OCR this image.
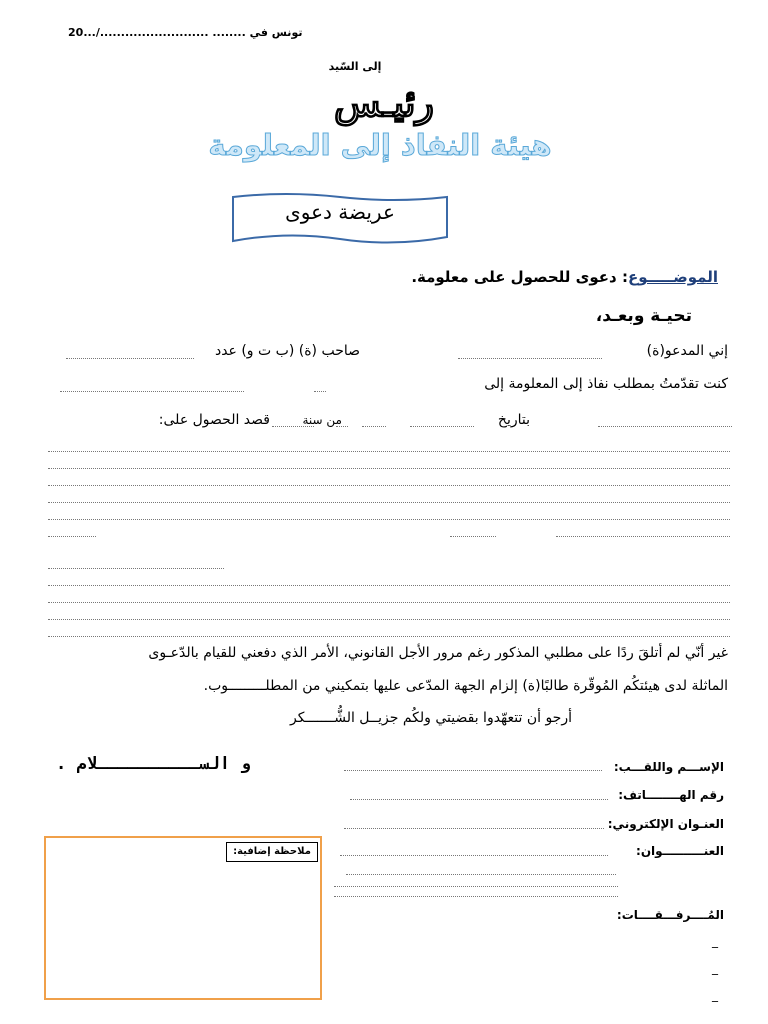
تونس في ........ ........................../...20
إلى السّيد
رئيـس
هيئة النفاذ إلى المعلومة
عريضة دعوى
الموضـــــوع: دعوى للحصول على معلومة.
تحيـة وبعـد،
إني المدعو(ة)
صاحب (ة) (ب ت و) عدد
كنت تقدّمتُ بمطلب نفاذ إلى المعلومة إلى
بتاريخ
من سنة
قصد الحصول على:
غير أنّي لم أتلقَ ردًا على مطلبي المذكور رغم مرور الأجل القانوني، الأمر الذي دفعني للقيام بالدّعـوى
الماثلة لدى هيئتكُم المُوقّرة طالبًا(ة) إلزام الجهة المدّعى عليها بتمكيني من المطلـــــــــوب.
أرجو أن تتعهّدوا بقضيتي ولكُم جزيــل الشُّـــــــكر
و الســــــــــلام .	الإســـم واللقـــب:
رقم الهــــــــاتف:
العنـوان الإلكتروني:
العنــــــــــوان:
المُــــرفـــقــــات:
_
_
_
ملاحظة إضافية:
